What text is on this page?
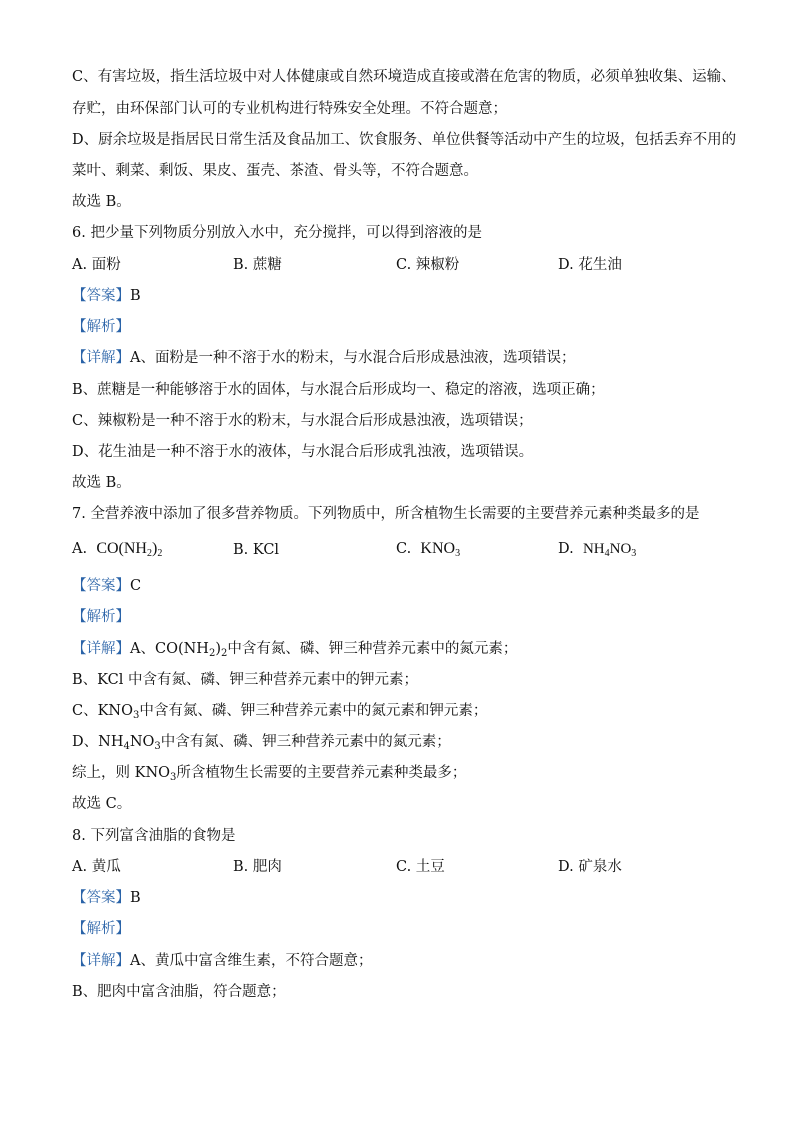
C、有害垃圾，指生活垃圾中对人体健康或自然环境造成直接或潜在危害的物质，必须单独收集、运输、
存贮，由环保部门认可的专业机构进行特殊安全处理。不符合题意；
D、厨余垃圾是指居民日常生活及食品加工、饮食服务、单位供餐等活动中产生的垃圾，包括丢弃不用的
菜叶、剩菜、剩饭、果皮、蛋壳、茶渣、骨头等，不符合题意。
故选 B。
6. 把少量下列物质分别放入水中，充分搅拌，可以得到溶液的是
A. 面粉	B. 蔗糖	C. 辣椒粉	D. 花生油
【答案】B
【解析】
【详解】A、面粉是一种不溶于水的粉末，与水混合后形成悬浊液，选项错误；
B、蔗糖是一种能够溶于水的固体，与水混合后形成均一、稳定的溶液，选项正确；
C、辣椒粉是一种不溶于水的粉末，与水混合后形成悬浊液，选项错误；
D、花生油是一种不溶于水的液体，与水混合后形成乳浊液，选项错误。
故选 B。
7. 全营养液中添加了很多营养物质。下列物质中，所含植物生长需要的主要营养元素种类最多的是
A. $CO(NH_2)_2$	B. KCl	C. $KNO_3$	D. $NH_4NO_3$
【答案】C
【解析】
【详解】A、$CO(NH_2)_2$中含有氮、磷、钾三种营养元素中的氮元素；
B、KCl 中含有氮、磷、钾三种营养元素中的钾元素；
C、$KNO_3$中含有氮、磷、钾三种营养元素中的氮元素和钾元素；
D、$NH_4NO_3$中含有氮、磷、钾三种营养元素中的氮元素；
综上，则 $KNO_3$所含植物生长需要的主要营养元素种类最多；
故选 C。
8. 下列富含油脂的食物是
A. 黄瓜	B. 肥肉	C. 土豆	D. 矿泉水
【答案】B
【解析】
【详解】A、黄瓜中富含维生素，不符合题意；
B、肥肉中富含油脂，符合题意；
